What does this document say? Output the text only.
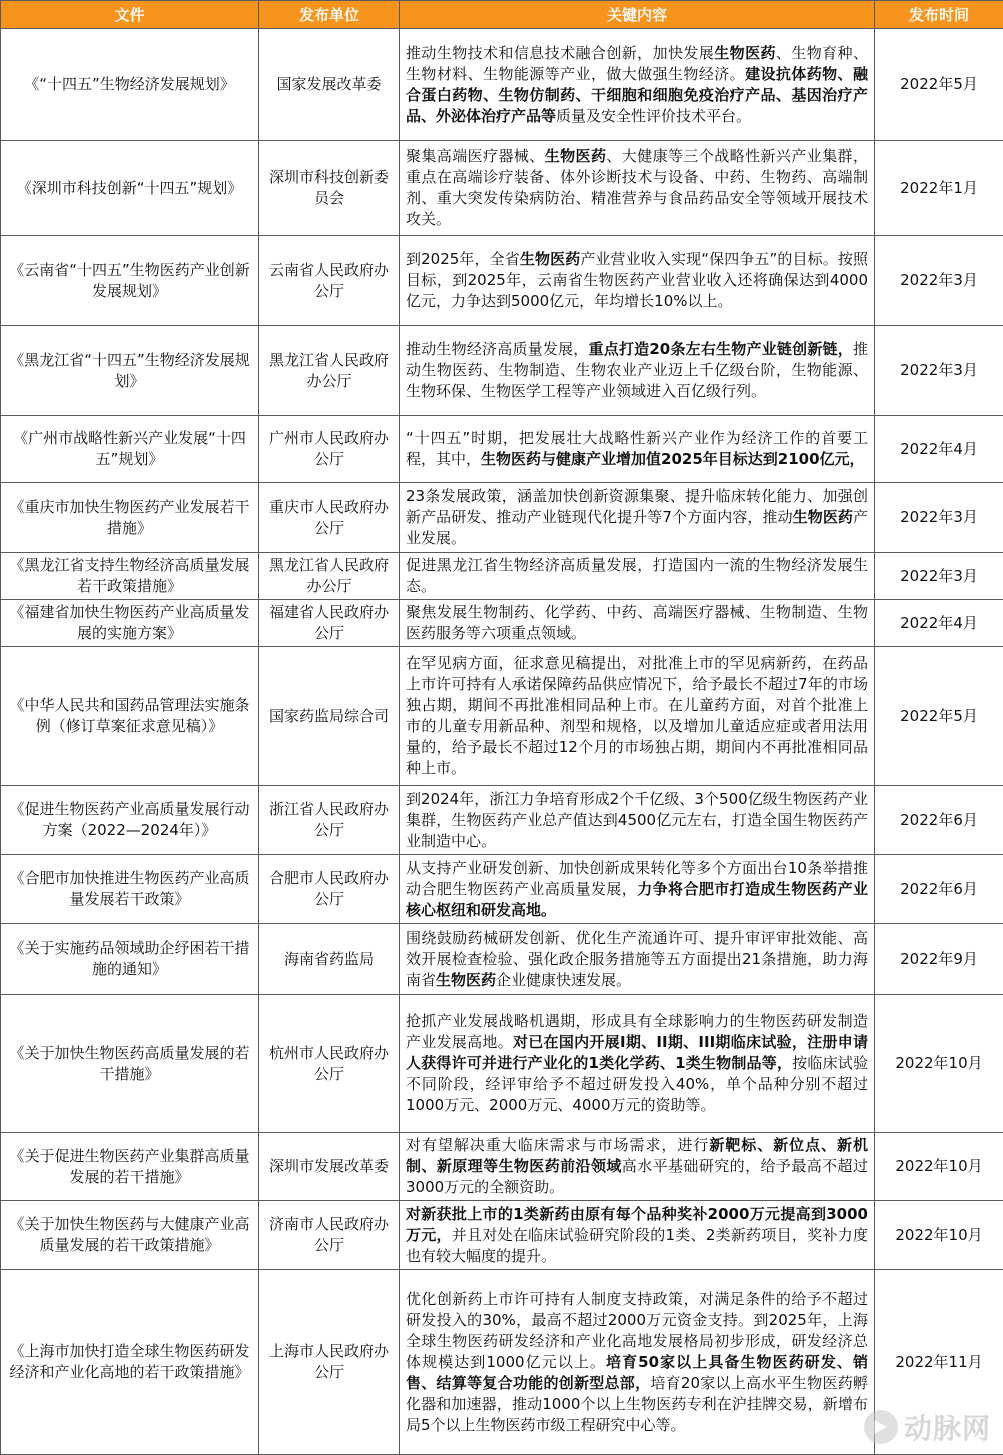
文件	发布单位	关键内容	发布时间
《“十四五”生物经济发展规划》	国家发展改革委	推动生物技术和信息技术融合创新，加快发展生物医药、生物育种、生物材料、生物能源等产业，做大做强生物经济。建设抗体药物、融合蛋白药物、生物仿制药、干细胞和细胞免疫治疗产品、基因治疗产品、外泌体治疗产品等质量及安全性评价技术平台。	2022年5月
《深圳市科技创新“十四五”规划》	深圳市科技创新委员会	聚集高端医疗器械、生物医药、大健康等三个战略性新兴产业集群，重点在高端诊疗装备、体外诊断技术与设备、中药、生物药、高端制剂、重大突发传染病防治、精准营养与食品药品安全等领域开展技术攻关。	2022年1月
《云南省“十四五”生物医药产业创新发展规划》	云南省人民政府办公厅	到2025年，全省生物医药产业营业收入实现“保四争五”的目标。按照目标，到2025年，云南省生物医药产业营业收入还将确保达到4000亿元，力争达到5000亿元，年均增长10%以上。	2022年3月
《黑龙江省“十四五”生物经济发展规划》	黑龙江省人民政府办公厅	推动生物经济高质量发展，重点打造20条左右生物产业链创新链，推动生物医药、生物制造、生物农业产业迈上千亿级台阶，生物能源、生物环保、生物医学工程等产业领域进入百亿级行列。	2022年3月
《广州市战略性新兴产业发展“十四五”规划》	广州市人民政府办公厅	“十四五”时期，把发展壮大战略性新兴产业作为经济工作的首要工程，其中，生物医药与健康产业增加值2025年目标达到2100亿元，	2022年4月
《重庆市加快生物医药产业发展若干措施》	重庆市人民政府办公厅	23条发展政策，涵盖加快创新资源集聚、提升临床转化能力、加强创新产品研发、推动产业链现代化提升等7个方面内容，推动生物医药产业发展。	2022年3月
《黑龙江省支持生物经济高质量发展若干政策措施》	黑龙江省人民政府办公厅	促进黑龙江省生物经济高质量发展，打造国内一流的生物经济发展生态。	2022年3月
《福建省加快生物医药产业高质量发展的实施方案》	福建省人民政府办公厅	聚焦发展生物制药、化学药、中药、高端医疗器械、生物制造、生物医药服务等六项重点领域。	2022年4月
《中华人民共和国药品管理法实施条例（修订草案征求意见稿）》	国家药监局综合司	在罕见病方面，征求意见稿提出，对批准上市的罕见病新药，在药品上市许可持有人承诺保障药品供应情况下，给予最长不超过7年的市场独占期，期间不再批准相同品种上市。在儿童药方面，对首个批准上市的儿童专用新品种、剂型和规格，以及增加儿童适应症或者用法用量的，给予最长不超过12个月的市场独占期，期间内不再批准相同品种上市。	2022年5月
《促进生物医药产业高质量发展行动方案（2022—2024年）》	浙江省人民政府办公厅	到2024年，浙江力争培育形成2个千亿级、3个500亿级生物医药产业集群，生物医药产业总产值达到4500亿元左右，打造全国生物医药产业制造中心。	2022年6月
《合肥市加快推进生物医药产业高质量发展若干政策》	合肥市人民政府办公厅	从支持产业研发创新、加快创新成果转化等多个方面出台10条举措推动合肥生物医药产业高质量发展，力争将合肥市打造成生物医药产业核心枢纽和研发高地。	2022年6月
《关于实施药品领域助企纾困若干措施的通知》	海南省药监局	围绕鼓励药械研发创新、优化生产流通许可、提升审评审批效能、高效开展检查检验、强化政企服务措施等五方面提出21条措施，助力海南省生物医药企业健康快速发展。	2022年9月
《关于加快生物医药高质量发展的若干措施》	杭州市人民政府办公厅	抢抓产业发展战略机遇期，形成具有全球影响力的生物医药研发制造产业发展高地。对已在国内开展I期、II期、III期临床试验，注册申请人获得许可并进行产业化的1类化学药、1类生物制品等，按临床试验不同阶段，经评审给予不超过研发投入40%，单个品种分别不超过1000万元、2000万元、4000万元的资助等。	2022年10月
《关于促进生物医药产业集群高质量发展的若干措施》	深圳市发展改革委	对有望解决重大临床需求与市场需求，进行新靶标、新位点、新机制、新原理等生物医药前沿领域高水平基础研究的，给予最高不超过3000万元的全额资助。	2022年10月
《关于加快生物医药与大健康产业高质量发展的若干政策措施》	济南市人民政府办公厅	对新获批上市的1类新药由原有每个品种奖补2000万元提高到3000万元，并且对处在临床试验研究阶段的1类、2类新药项目，奖补力度也有较大幅度的提升。	2022年10月
《上海市加快打造全球生物医药研发经济和产业化高地的若干政策措施》	上海市人民政府办公厅	优化创新药上市许可持有人制度支持政策，对满足条件的给予不超过研发投入的30%，最高不超过2000万元资金支持。到2025年，上海全球生物医药研发经济和产业化高地发展格局初步形成，研发经济总体规模达到1000亿元以上。培育50家以上具备生物医药研发、销售、结算等复合功能的创新型总部，培育20家以上高水平生物医药孵化器和加速器，推动1000个以上生物医药专利在沪挂牌交易，新增布局5个以上生物医药市级工程研究中心等。	2022年11月
动脉网
